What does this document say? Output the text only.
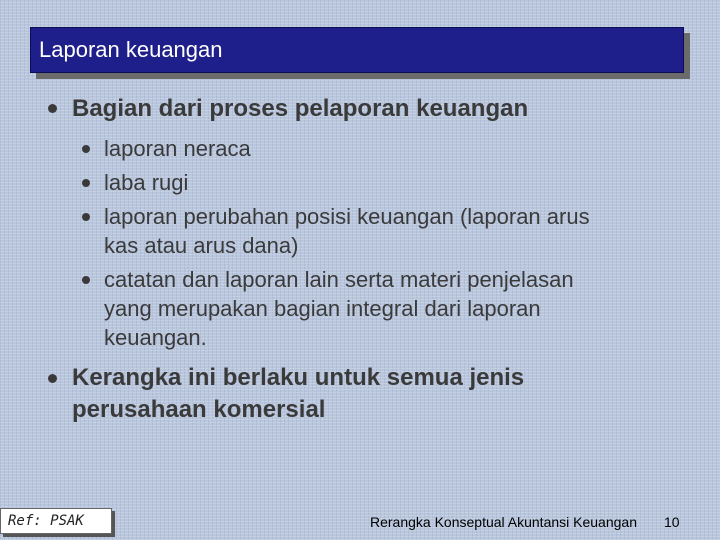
Laporan keuangan
Bagian dari proses pelaporan keuangan
laporan neraca
laba rugi
laporan perubahan posisi keuangan (laporan arus
kas atau arus dana)
catatan dan laporan lain serta materi penjelasan
yang merupakan bagian integral dari laporan
keuangan.
Kerangka ini berlaku untuk semua jenis
perusahaan komersial
Ref: PSAK	Rerangka Konseptual Akuntansi Keuangan 10
